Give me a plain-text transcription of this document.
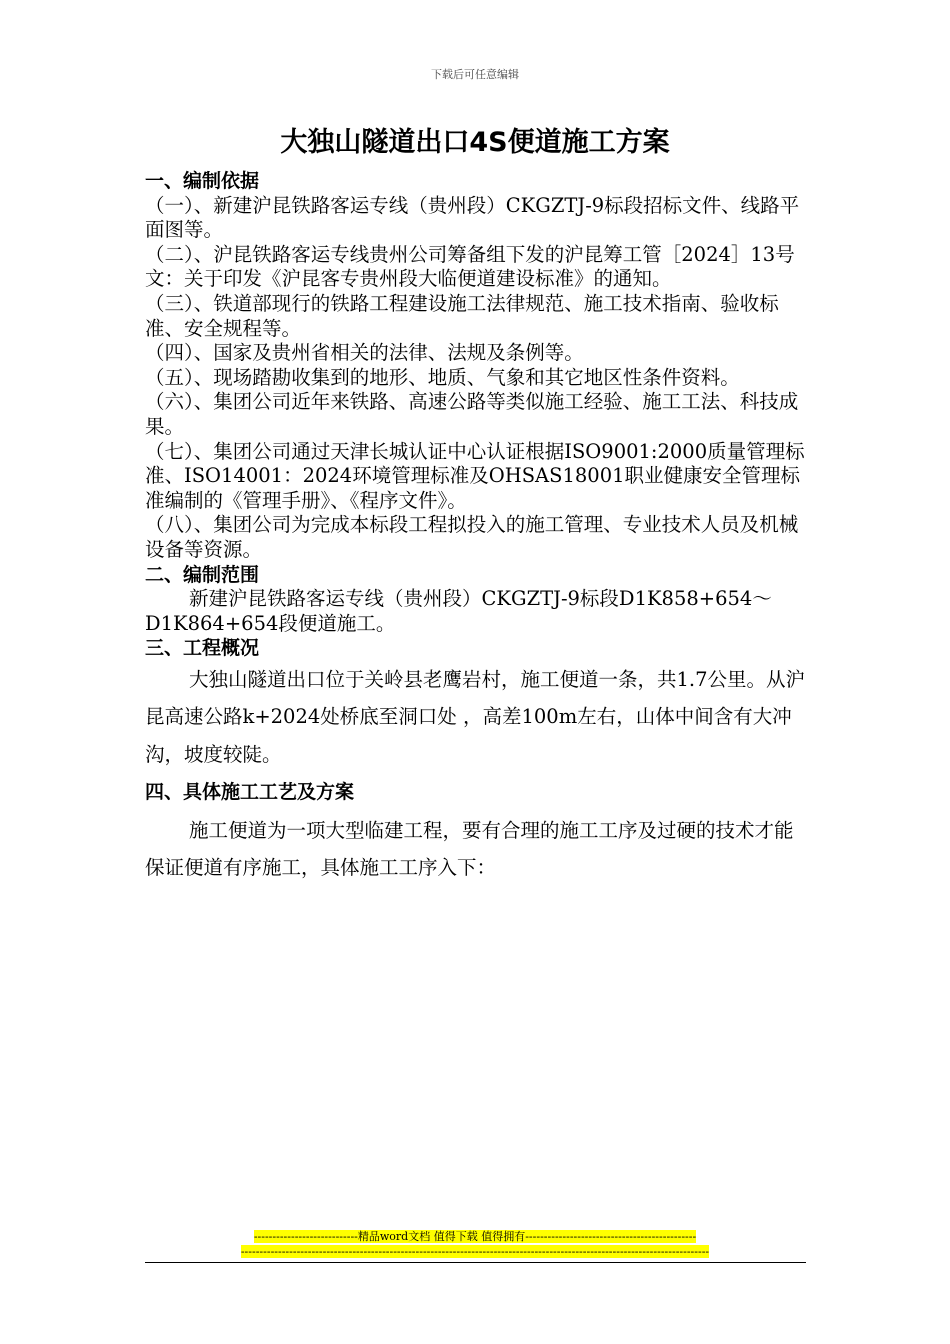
下载后可任意编辑
大独山隧道出口4S便道施工方案

一、编制依据

（一）、新建沪昆铁路客运专线（贵州段）CKGZTJ-9标段招标文件、线路平面图等。

（二）、沪昆铁路客运专线贵州公司筹备组下发的沪昆筹工管［2024］13号文：关于印发《沪昆客专贵州段大临便道建设标准》的通知。

（三）、铁道部现行的铁路工程建设施工法律规范、施工技术指南、验收标准、安全规程等。

（四）、国家及贵州省相关的法律、法规及条例等。

（五）、现场踏勘收集到的地形、地质、气象和其它地区性条件资料。

（六）、集团公司近年来铁路、高速公路等类似施工经验、施工工法、科技成果。

（七）、集团公司通过天津长城认证中心认证根据ISO9001:2000质量管理标准、ISO14001：2024环境管理标准及OHSAS18001职业健康安全管理标准编制的《管理手册》、《程序文件》。

（八）、集团公司为完成本标段工程拟投入的施工管理、专业技术人员及机械设备等资源。

二、编制范围

新建沪昆铁路客运专线（贵州段）CKGZTJ-9标段D1K858+654～D1K864+654段便道施工。

三、工程概况

大独山隧道出口位于关岭县老鹰岩村，施工便道一条，共1.7公里。从沪昆高速公路k+2024处桥底至洞口处 ，高差100m左右，山体中间含有大冲沟，坡度较陡。

四、具体施工工艺及方案

施工便道为一项大型临建工程，要有合理的施工工序及过硬的技术才能保证便道有序施工，具体施工工序入下：

----------------------------精品word文档 值得下载 值得拥有----------------------------------------------
------------------------------------------------------------------------------------------------------------------------------
